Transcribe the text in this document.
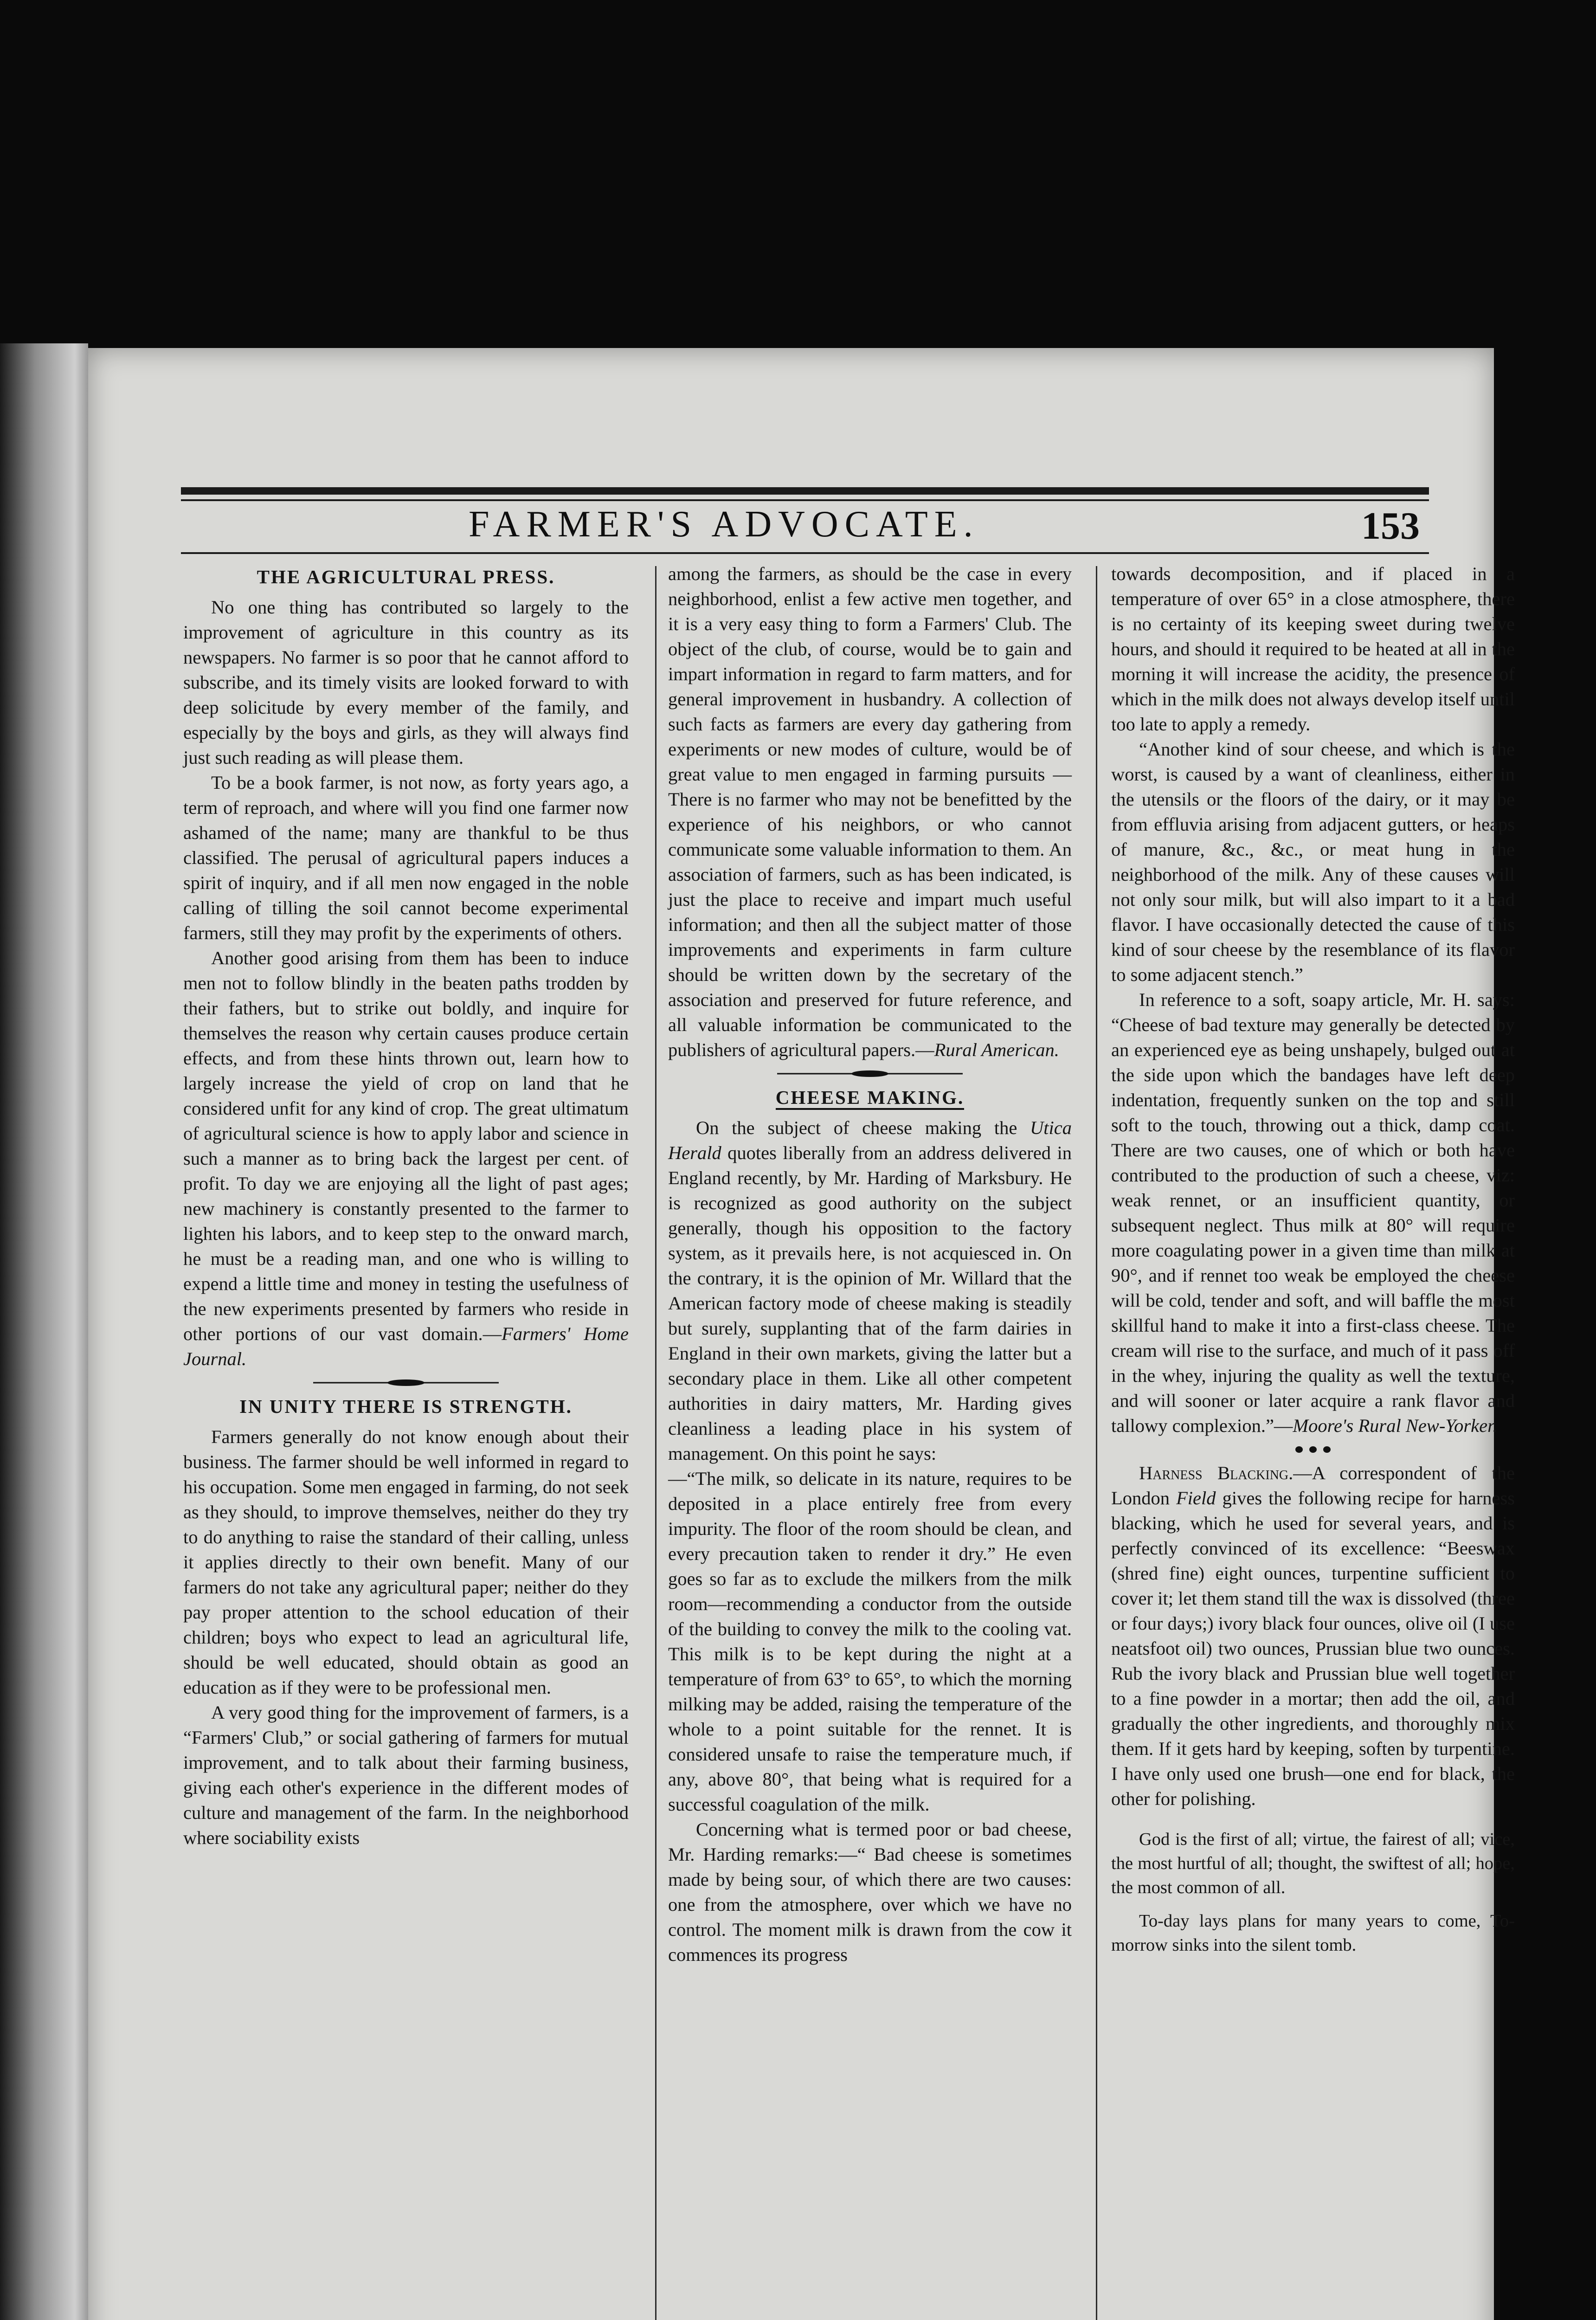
FARMER'S ADVOCATE.	153
THE AGRICULTURAL PRESS.

No one thing has contributed so largely to the improvement of agriculture in this country as its newspapers. No farmer is so poor that he cannot afford to subscribe, and its timely visits are looked forward to with deep solicitude by every member of the family, and especially by the boys and girls, as they will always find just such reading as will please them.

To be a book farmer, is not now, as forty years ago, a term of reproach, and where will you find one farmer now ashamed of the name; many are thankful to be thus classified. The perusal of agricultural papers induces a spirit of inquiry, and if all men now engaged in the noble calling of tilling the soil cannot become experimental farmers, still they may profit by the experiments of others.

Another good arising from them has been to induce men not to follow blindly in the beaten paths trodden by their fathers, but to strike out boldly, and inquire for themselves the reason why certain causes produce certain effects, and from these hints thrown out, learn how to largely increase the yield of crop on land that he considered unfit for any kind of crop. The great ultimatum of agricultural science is how to apply labor and science in such a manner as to bring back the largest per cent. of profit. To day we are enjoying all the light of past ages; new machinery is constantly presented to the farmer to lighten his labors, and to keep step to the onward march, he must be a reading man, and one who is willing to expend a little time and money in testing the usefulness of the new experiments presented by farmers who reside in other portions of our vast domain.—Farmers' Home Journal.

IN UNITY THERE IS STRENGTH.

Farmers generally do not know enough about their business. The farmer should be well informed in regard to his occupation. Some men engaged in farming, do not seek as they should, to improve themselves, neither do they try to do anything to raise the standard of their calling, unless it applies directly to their own benefit. Many of our farmers do not take any agricultural paper; neither do they pay proper attention to the school education of their children; boys who expect to lead an agricultural life, should be well educated, should obtain as good an education as if they were to be professional men.

A very good thing for the improvement of farmers, is a “Farmers' Club,” or social gathering of farmers for mutual improvement, and to talk about their farming business, giving each other's experience in the different modes of culture and management of the farm. In the neighborhood where sociability exists

among the farmers, as should be the case in every neighborhood, enlist a few active men together, and it is a very easy thing to form a Farmers' Club. The object of the club, of course, would be to gain and impart information in regard to farm matters, and for general improvement in husbandry. A collection of such facts as farmers are every day gathering from experiments or new modes of culture, would be of great value to men engaged in farming pursuits —There is no farmer who may not be benefitted by the experience of his neighbors, or who cannot communicate some valuable information to them. An association of farmers, such as has been indicated, is just the place to receive and impart much useful information; and then all the subject matter of those improvements and experiments in farm culture should be written down by the secretary of the association and preserved for future reference, and all valuable information be communicated to the publishers of agricultural papers.—Rural American.

CHEESE MAKING.

On the subject of cheese making the Utica Herald quotes liberally from an address delivered in England recently, by Mr. Harding of Marksbury. He is recognized as good authority on the subject generally, though his opposition to the factory system, as it prevails here, is not acquiesced in. On the contrary, it is the opinion of Mr. Willard that the American factory mode of cheese making is steadily but surely, supplanting that of the farm dairies in England in their own markets, giving the latter but a secondary place in them. Like all other competent authorities in dairy matters, Mr. Harding gives cleanliness a leading place in his system of management. On this point he says:

—“The milk, so delicate in its nature, requires to be deposited in a place entirely free from every impurity. The floor of the room should be clean, and every precaution taken to render it dry.” He even goes so far as to exclude the milkers from the milk room—recommending a conductor from the outside of the building to convey the milk to the cooling vat. This milk is to be kept during the night at a temperature of from 63° to 65°, to which the morning milking may be added, raising the temperature of the whole to a point suitable for the rennet. It is considered unsafe to raise the temperature much, if any, above 80°, that being what is required for a successful coagulation of the milk.

Concerning what is termed poor or bad cheese, Mr. Harding remarks:—“ Bad cheese is sometimes made by being sour, of which there are two causes: one from the atmosphere, over which we have no control. The moment milk is drawn from the cow it commences its progress

towards decomposition, and if placed in a temperature of over 65° in a close atmosphere, there is no certainty of its keeping sweet during twelve hours, and should it required to be heated at all in the morning it will increase the acidity, the presence of which in the milk does not always develop itself until too late to apply a remedy.

“Another kind of sour cheese, and which is the worst, is caused by a want of cleanliness, either in the utensils or the floors of the dairy, or it may be from effluvia arising from adjacent gutters, or heaps of manure, &c., &c., or meat hung in the neighborhood of the milk. Any of these causes will not only sour milk, but will also impart to it a bad flavor. I have occasionally detected the cause of this kind of sour cheese by the resemblance of its flavor to some adjacent stench.”

In reference to a soft, soapy article, Mr. H. says: “Cheese of bad texture may generally be detected by an experienced eye as being unshapely, bulged out at the side upon which the bandages have left deep indentation, frequently sunken on the top and still soft to the touch, throwing out a thick, damp coat. There are two causes, one of which or both have contributed to the production of such a cheese, viz: weak rennet, or an insufficient quantity, or subsequent neglect. Thus milk at 80° will require more coagulating power in a given time than milk at 90°, and if rennet too weak be employed the cheese will be cold, tender and soft, and will baffle the most skillful hand to make it into a first-class cheese. The cream will rise to the surface, and much of it pass off in the whey, injuring the quality as well the texture, and will sooner or later acquire a rank flavor and tallowy complexion.”—Moore's Rural New-Yorker.

Harness Blacking.—A correspondent of the London Field gives the following recipe for harness blacking, which he used for several years, and is perfectly convinced of its excellence: “Beeswax (shred fine) eight ounces, turpentine sufficient to cover it; let them stand till the wax is dissolved (three or four days;) ivory black four ounces, olive oil (I use neatsfoot oil) two ounces, Prussian blue two ounces. Rub the ivory black and Prussian blue well together to a fine powder in a mortar; then add the oil, and gradually the other ingredients, and thoroughly mix them. If it gets hard by keeping, soften by turpentine. I have only used one brush—one end for black, the other for polishing.

God is the first of all; virtue, the fairest of all; vice, the most hurtful of all; thought, the swiftest of all; hope, the most common of all.

To-day lays plans for many years to come, To-morrow sinks into the silent tomb.
